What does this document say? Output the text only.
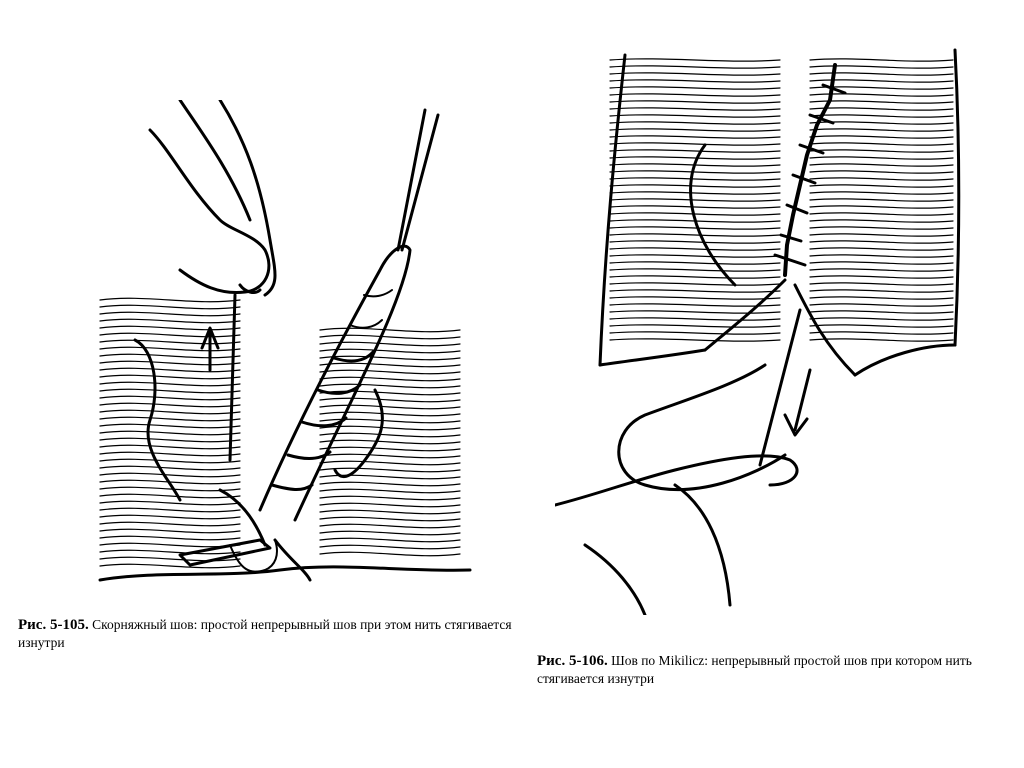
Рис. 5-105. Скорняжный шов: простой непрерывный шов при этом нить стягивается изнутри
Рис. 5-106. Шов по Mikilicz: непрерывный простой шов при котором нить стягивается изнутри
